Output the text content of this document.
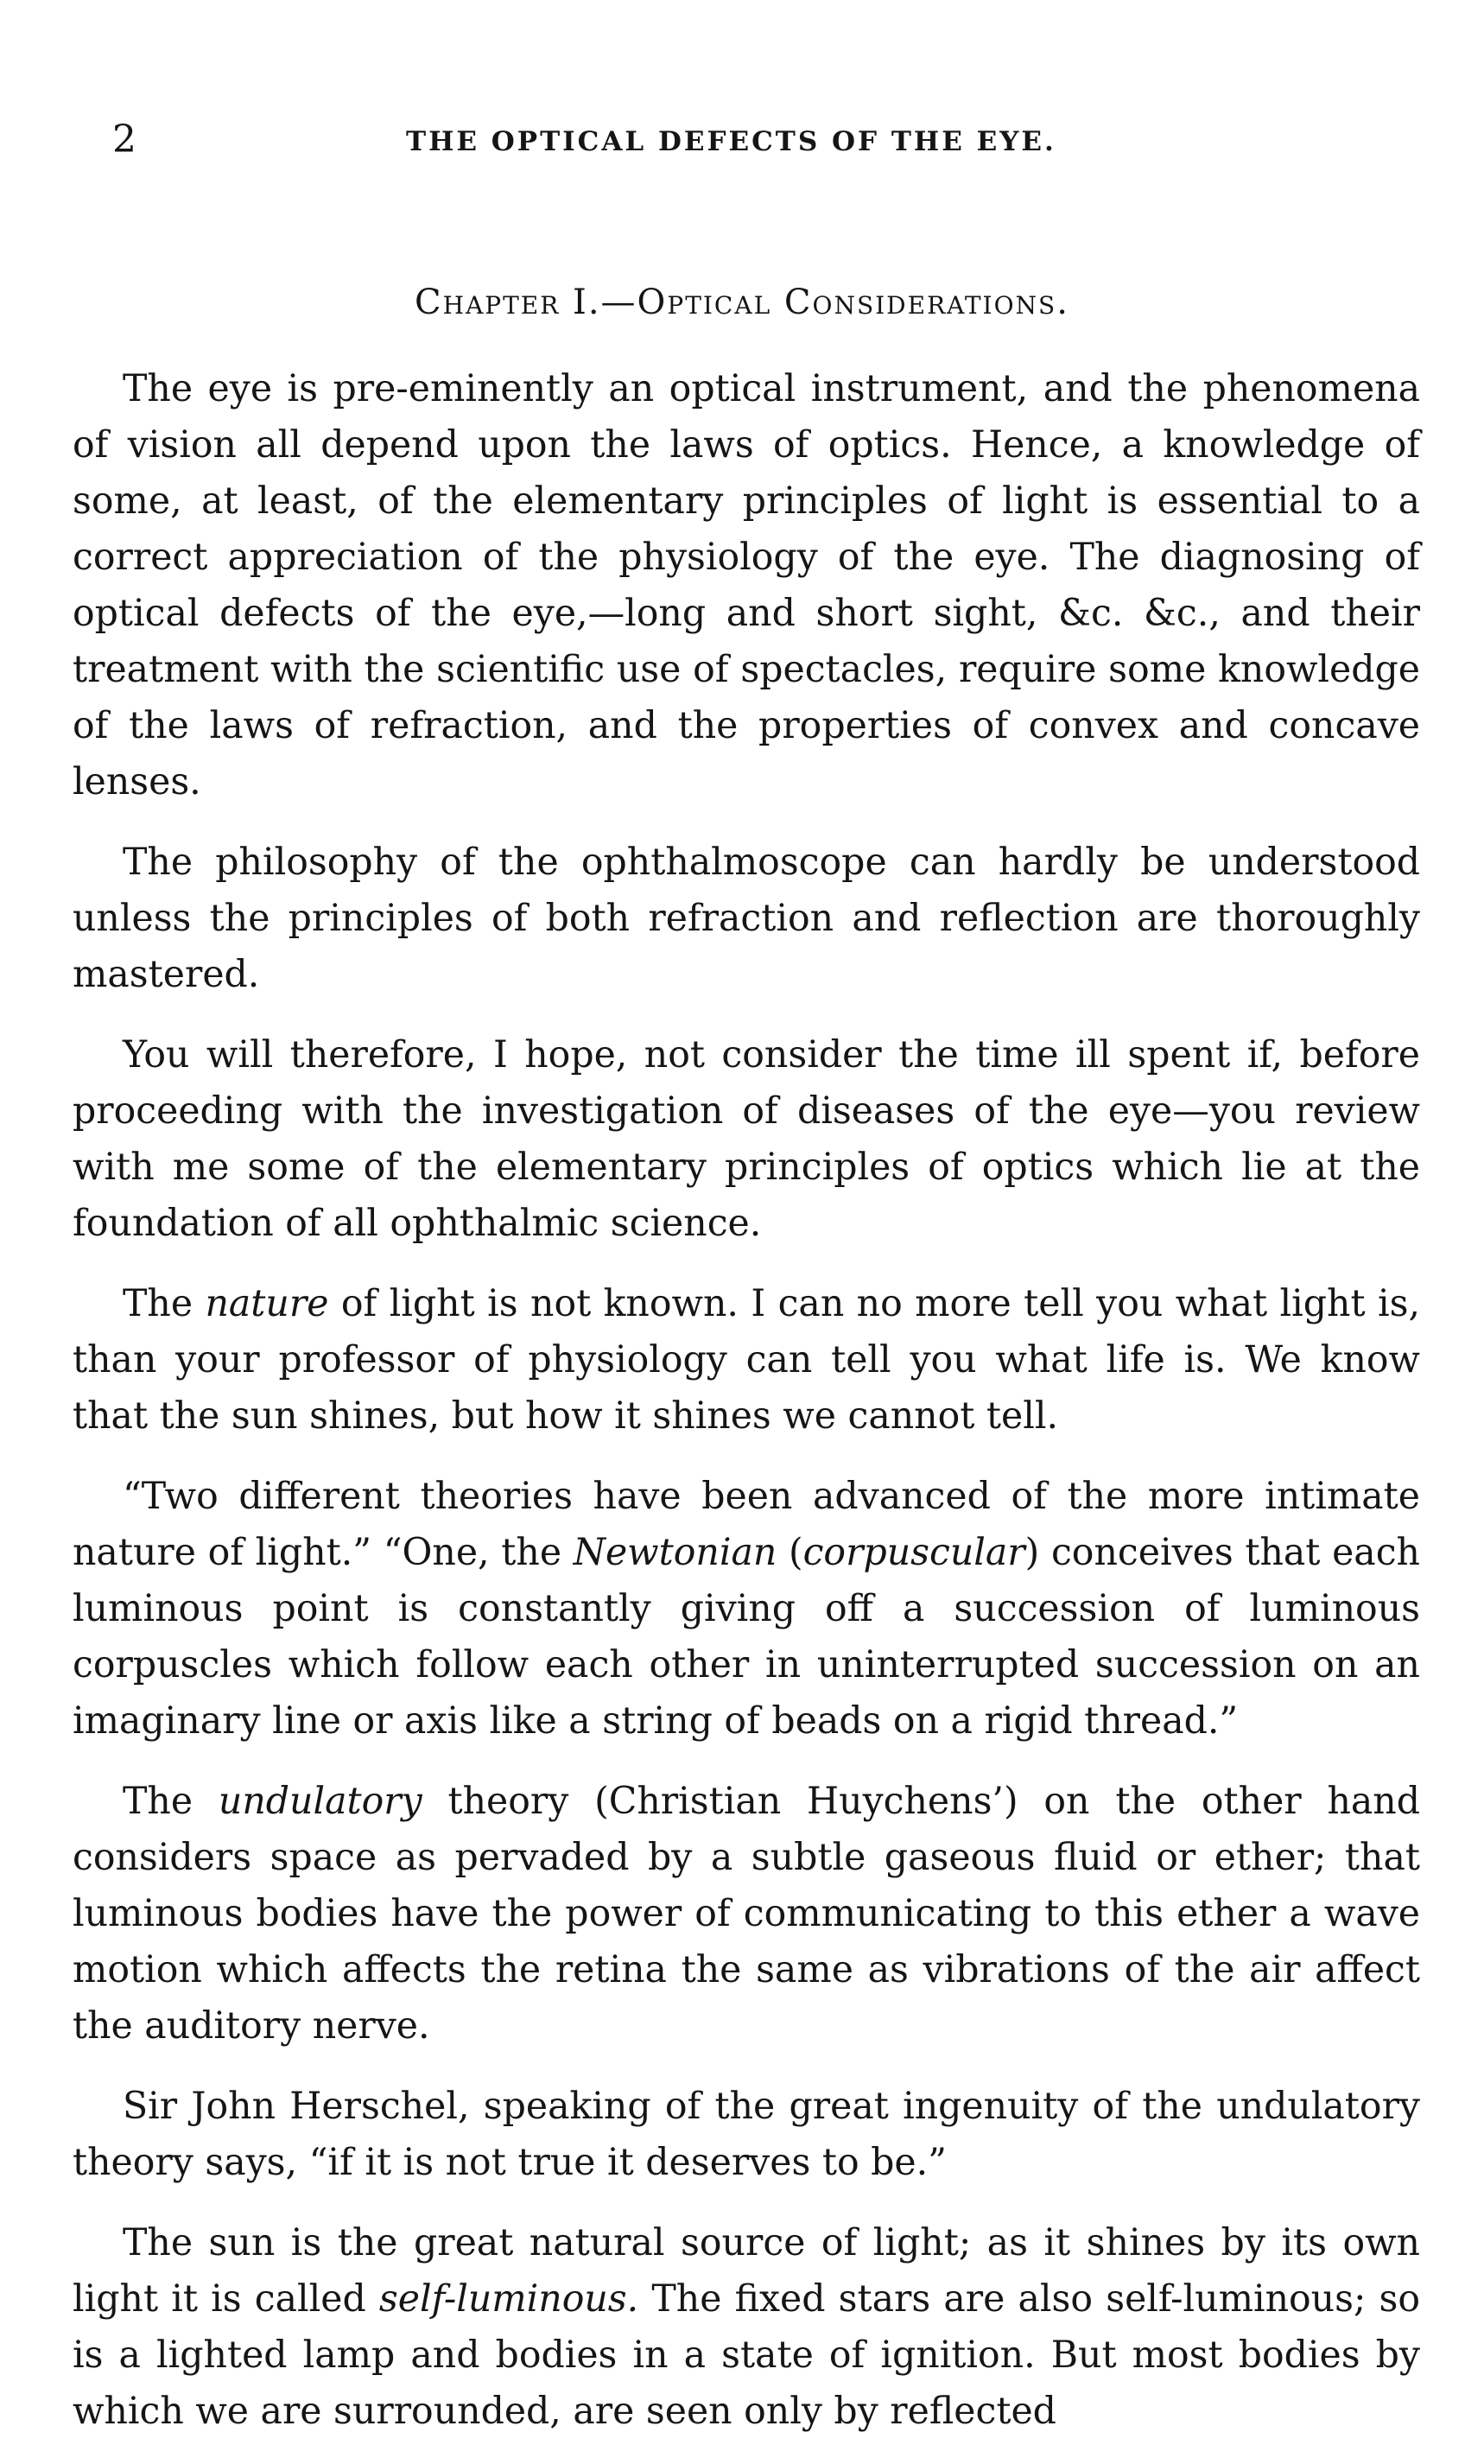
2	THE OPTICAL DEFECTS OF THE EYE.
Chapter I.—Optical Considerations.

The eye is pre-eminently an optical instrument, and the phenomena of vision all depend upon the laws of optics. Hence, a knowledge of some, at least, of the elementary principles of light is essential to a correct appreciation of the physiology of the eye. The diagnosing of optical defects of the eye,—long and short sight, &c. &c., and their treatment with the scientific use of spectacles, require some knowledge of the laws of refraction, and the properties of convex and concave lenses.

The philosophy of the ophthalmoscope can hardly be understood unless the principles of both refraction and reflection are thoroughly mastered.

You will therefore, I hope, not consider the time ill spent if, before proceeding with the investigation of diseases of the eye—you review with me some of the elementary principles of optics which lie at the foundation of all ophthalmic science.

The nature of light is not known. I can no more tell you what light is, than your professor of physiology can tell you what life is. We know that the sun shines, but how it shines we cannot tell.

“Two different theories have been advanced of the more intimate nature of light.” “One, the Newtonian (corpuscular) conceives that each luminous point is constantly giving off a succession of luminous corpuscles which follow each other in uninterrupted succession on an imaginary line or axis like a string of beads on a rigid thread.”

The undulatory theory (Christian Huychens’) on the other hand considers space as pervaded by a subtle gaseous fluid or ether; that luminous bodies have the power of communicating to this ether a wave motion which affects the retina the same as vibrations of the air affect the auditory nerve.

Sir John Herschel, speaking of the great ingenuity of the undulatory theory says, “if it is not true it deserves to be.”

The sun is the great natural source of light; as it shines by its own light it is called self-luminous. The fixed stars are also self-luminous; so is a lighted lamp and bodies in a state of ignition. But most bodies by which we are surrounded, are seen only by reflected
